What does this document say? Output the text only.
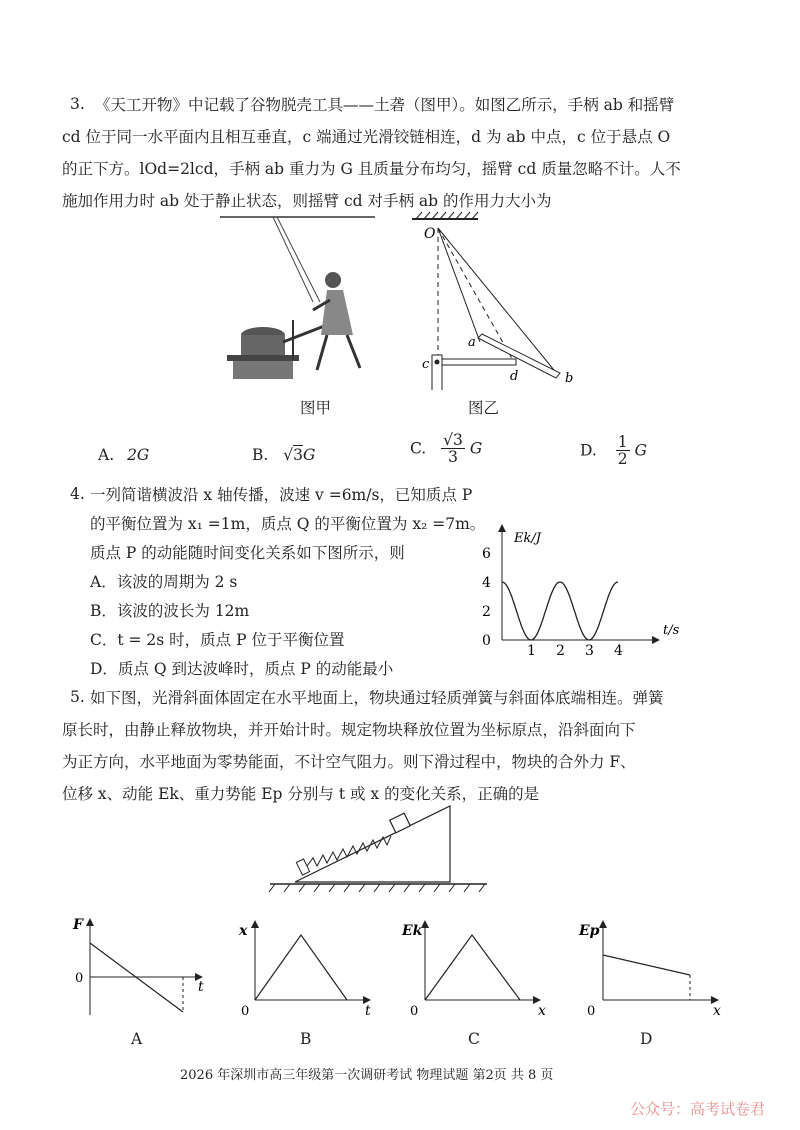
3. 《天工开物》中记载了谷物脱壳工具——土砻（图甲）。如图乙所示，手柄 ab 和摇臂
cd 位于同一水平面内且相互垂直，c 端通过光滑铰链相连，d 为 ab 中点，c 位于悬点 O
的正下方。lOd=2lcd，手柄 ab 重力为 G 且质量分布均匀，摇臂 cd 质量忽略不计。人不
施加作用力时 ab 处于静止状态，则摇臂 cd 对手柄 ab 的作用力大小为
图甲
O
a
b
c
d
图乙
A. 2G	B. √3G	C. $\frac{√3}{3}$ G	D. $\frac{1}{2}$ G
4. 一列简谐横波沿 x 轴传播，波速 v =6m/s，已知质点 P
的平衡位置为 x₁ =1m，质点 Q 的平衡位置为 x₂ =7m。
质点 P 的动能随时间变化关系如下图所示，则
A．该波的周期为 2 s
B．该波的波长为 12m
C．t = 2s 时，质点 P 位于平衡位置
D．质点 Q 到达波峰时，质点 P 的动能最小
Ek/J
t/s
0
2
4
6
1 2 3 4
5. 如下图，光滑斜面体固定在水平地面上，物块通过轻质弹簧与斜面体底端相连。弹簧
原长时，由静止释放物块，并开始计时。规定物块释放位置为坐标原点，沿斜面向下
为正方向，水平地面为零势能面，不计空气阻力。则下滑过程中，物块的合外力 F、
位移 x、动能 Ek、重力势能 Ep 分别与 t 或 x 的变化关系，正确的是
F
0
t
A
x
0	t
B
Ek
0	x
C
Ep
0	x
D
2026 年深圳市高三年级第一次调研考试 物理试题 第2页 共 8 页
公众号：高考试卷君
